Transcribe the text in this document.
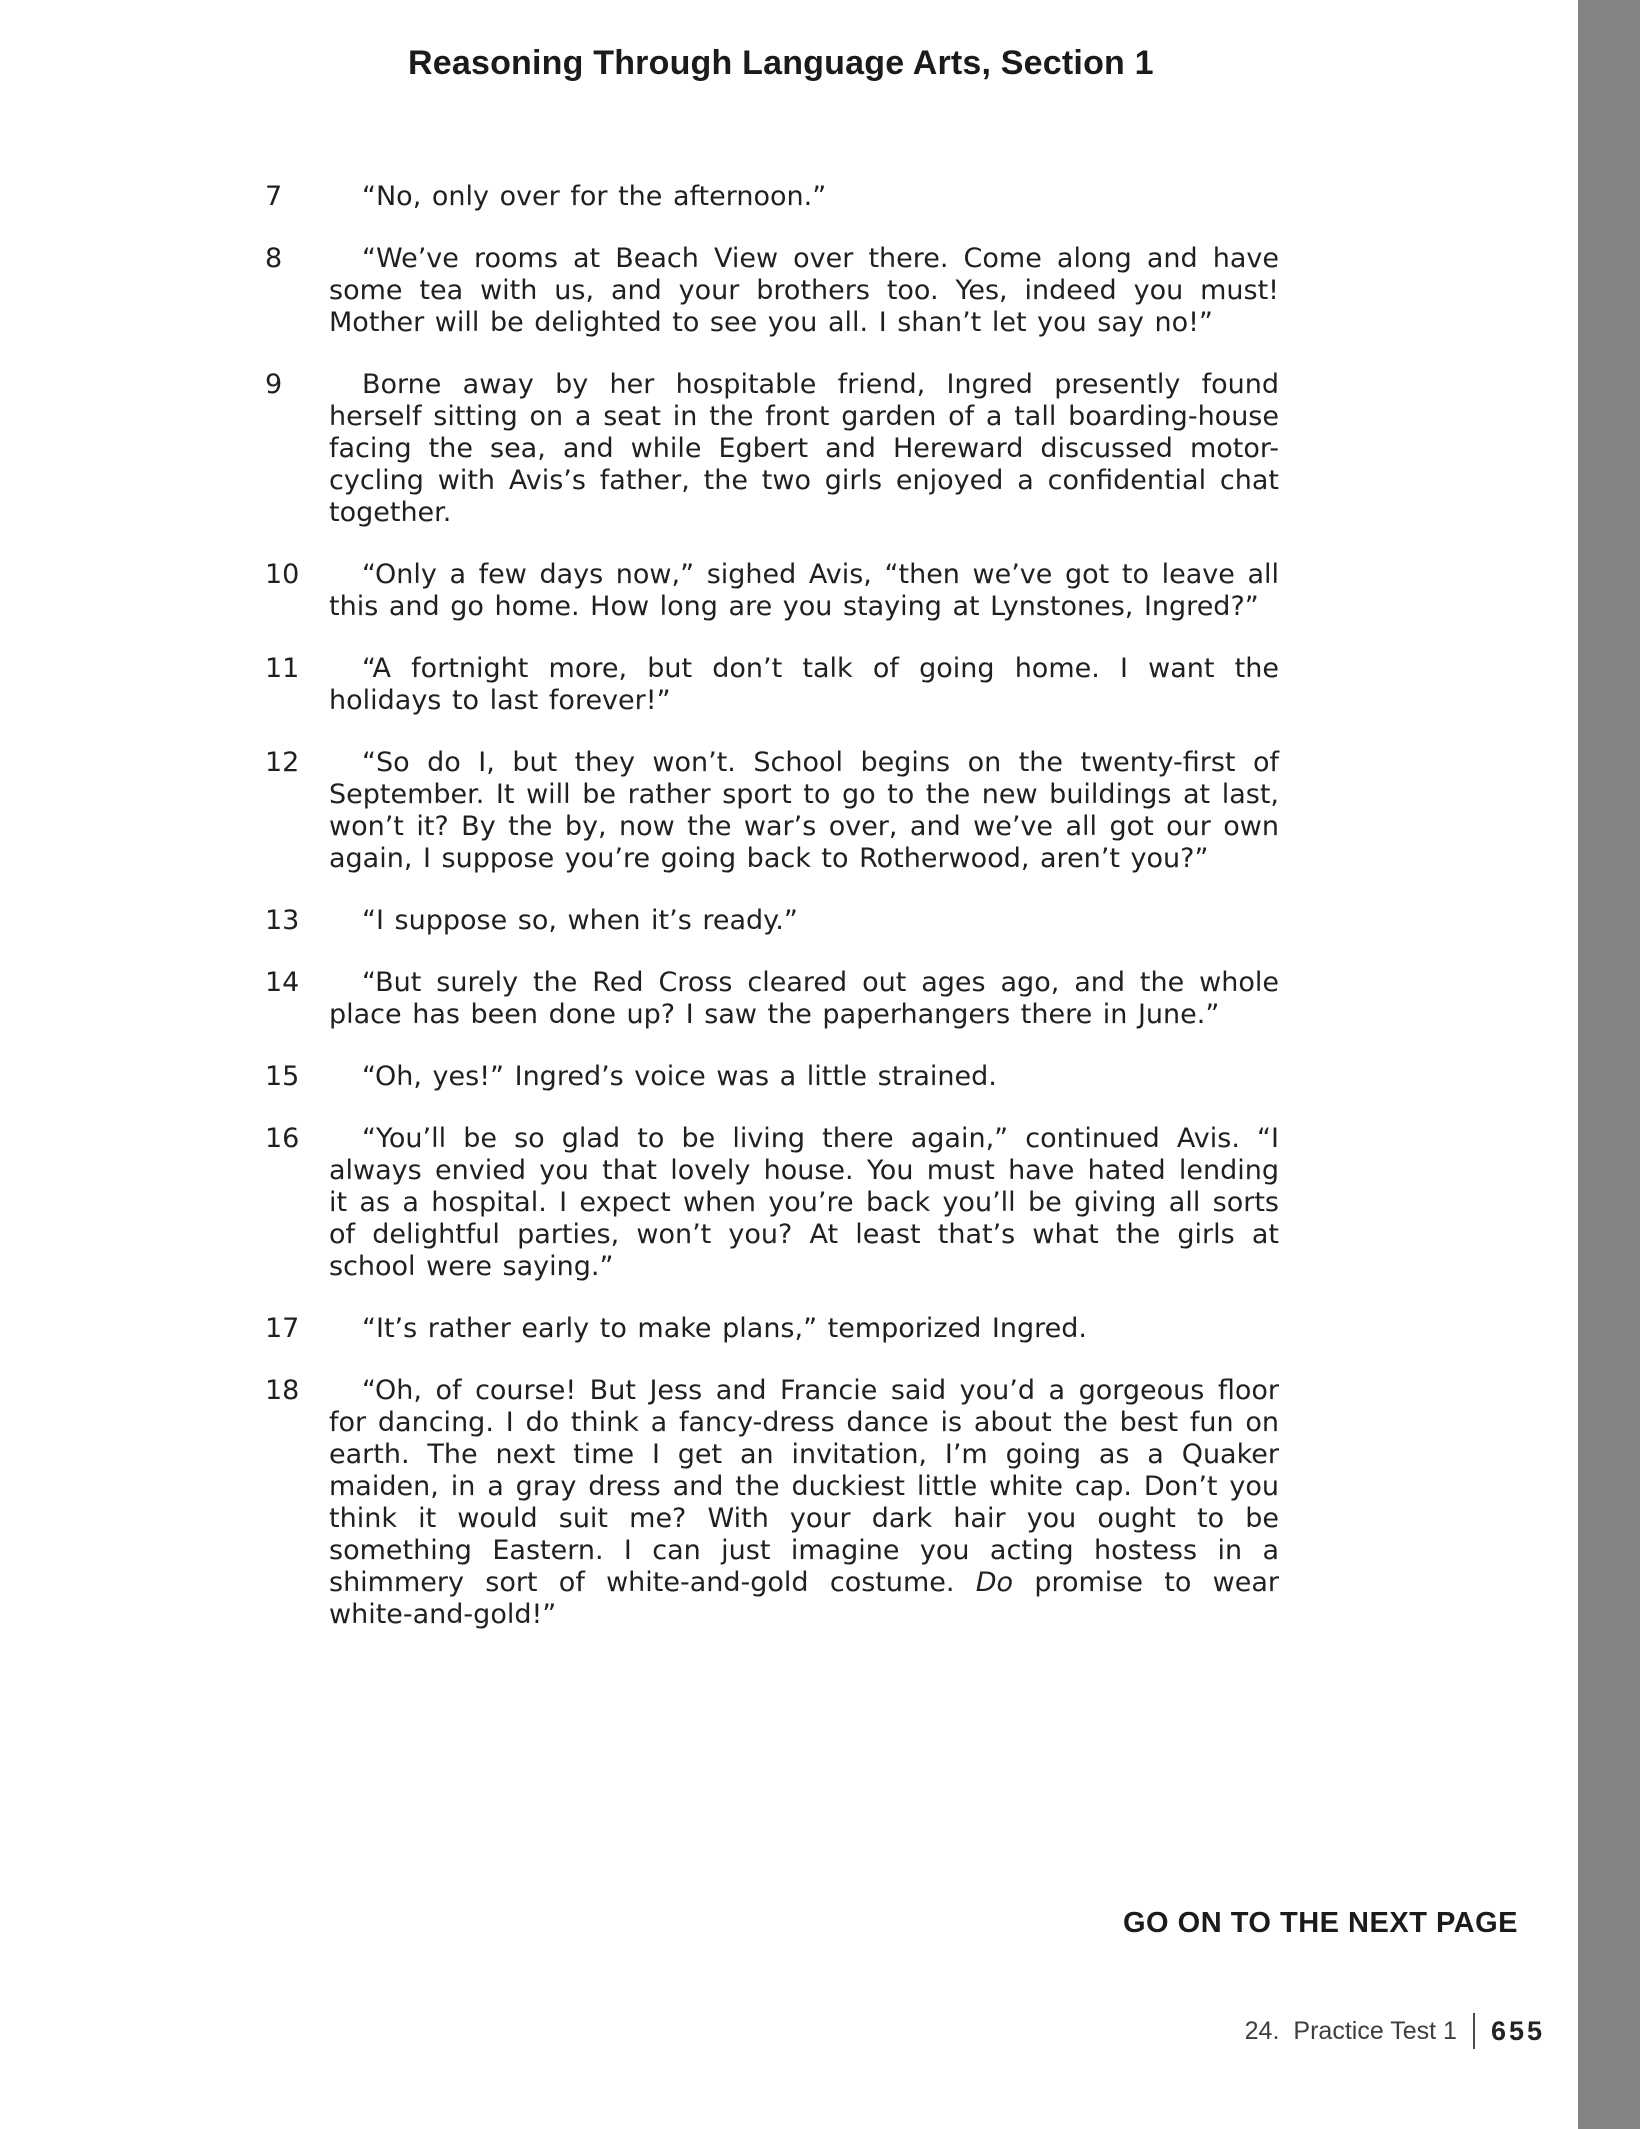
Reasoning Through Language Arts, Section 1
7	“No, only over for the afternoon.”

8	“We’ve rooms at Beach View over there. Come along and have some tea with us, and your brothers too. Yes, indeed you must! Mother will be delighted to see you all. I shan’t let you say no!”

9	Borne away by her hospitable friend, Ingred presently found herself sitting on a seat in the front garden of a tall boarding-house facing the sea, and while Egbert and Hereward discussed motor-cycling with Avis’s father, the two girls enjoyed a confidential chat together.

10	“Only a few days now,” sighed Avis, “then we’ve got to leave all this and go home. How long are you staying at Lynstones, Ingred?”

11	“A fortnight more, but don’t talk of going home. I want the holidays to last forever!”

12	“So do I, but they won’t. School begins on the twenty-first of September. It will be rather sport to go to the new buildings at last, won’t it? By the by, now the war’s over, and we’ve all got our own again, I suppose you’re going back to Rotherwood, aren’t you?”

13	“I suppose so, when it’s ready.”

14	“But surely the Red Cross cleared out ages ago, and the whole place has been done up? I saw the paperhangers there in June.”

15	“Oh, yes!” Ingred’s voice was a little strained.

16	“You’ll be so glad to be living there again,” continued Avis. “I always envied you that lovely house. You must have hated lending it as a hospital. I expect when you’re back you’ll be giving all sorts of delightful parties, won’t you? At least that’s what the girls at school were saying.”

17	“It’s rather early to make plans,” temporized Ingred.

18	“Oh, of course! But Jess and Francie said you’d a gorgeous floor for dancing. I do think a fancy-dress dance is about the best fun on earth. The next time I get an invitation, I’m going as a Quaker maiden, in a gray dress and the duckiest little white cap. Don’t you think it would suit me? With your dark hair you ought to be something Eastern. I can just imagine you acting hostess in a shimmery sort of white-and-gold costume. Do promise to wear white-and-gold!”

GO ON TO THE NEXT PAGE
24. Practice Test 1 655
